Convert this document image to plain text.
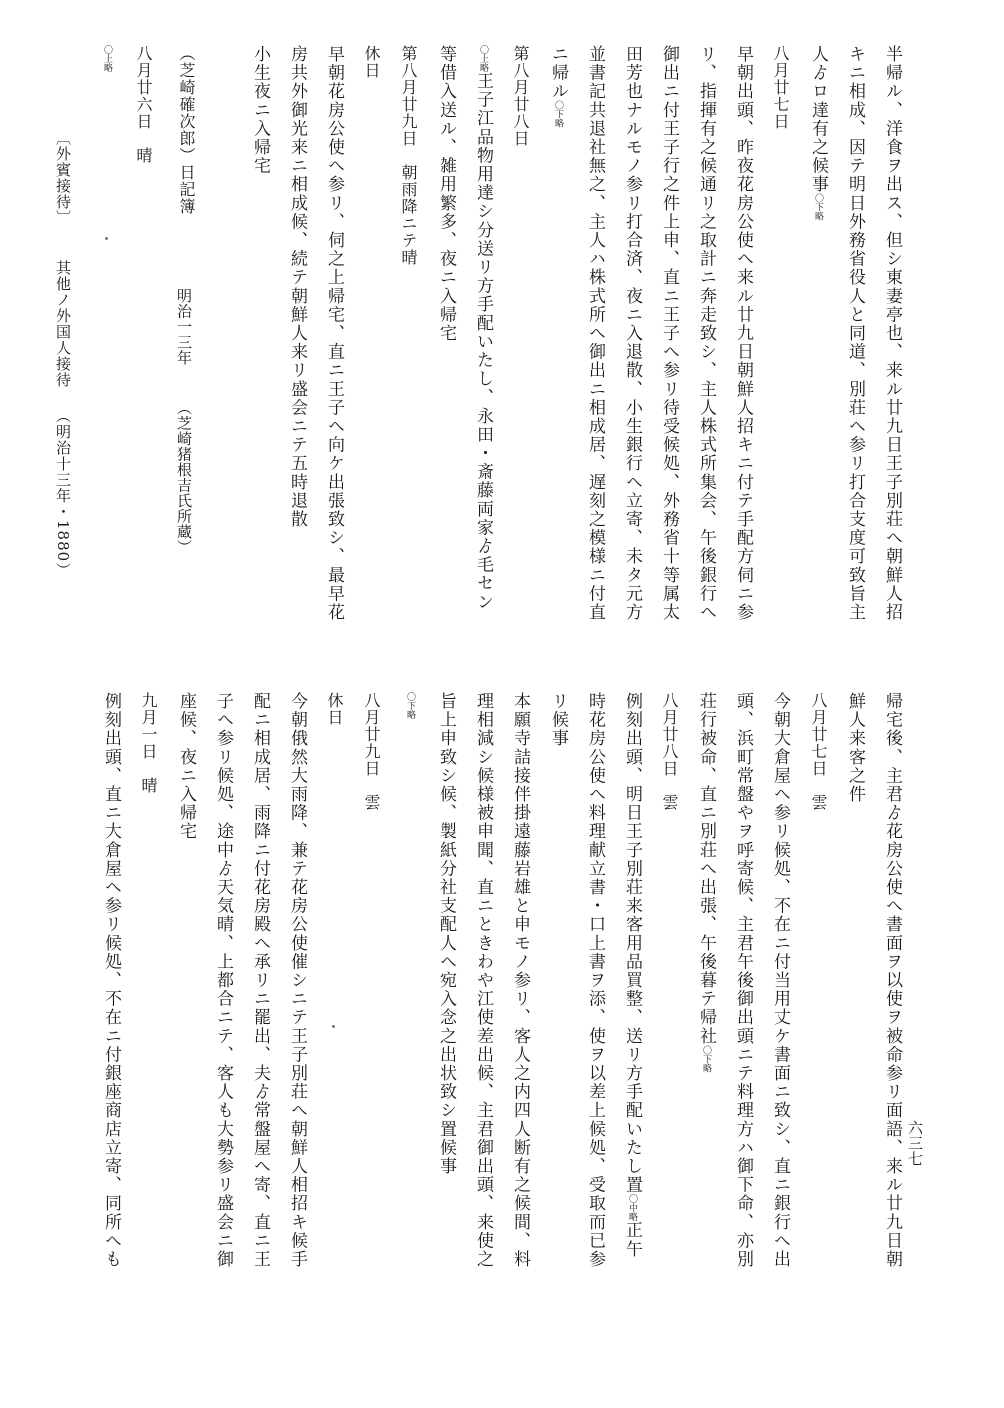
半帰ル、洋食ヲ出ス、但シ東妻亭也、来ル廿九日王子別荘へ朝鮮人招
キニ相成、因テ明日外務省役人と同道、別荘へ参リ打合支度可致旨主
人ゟロ達有之候事〇下略
八月廿七日
早朝出頭、昨夜花房公使へ来ル廿九日朝鮮人招キニ付テ手配方伺ニ参
リ、指揮有之候通リ之取計ニ奔走致シ、主人株式所集会、午後銀行へ
御出ニ付王子行之件上申、直ニ王子へ参リ待受候処、外務省十等属太
田芳也ナルモノ参リ打合済、夜ニ入退散、小生銀行へ立寄、未タ元方
並書記共退社無之、主人ハ株式所へ御出ニ相成居、遅刻之模様ニ付直
ニ帰ル〇下略
第八月廿八日
〇上略王子江品物用達シ分送リ方手配いたし、永田・斎藤両家ゟ毛セン
等借入送ル、雑用繁多、夜ニ入帰宅
第八月廿九日　朝雨降ニテ晴
休日
早朝花房公使へ参リ、伺之上帰宅、直ニ王子へ向ケ出張致シ、最早花
房共外御光来ニ相成候、続テ朝鮮人来リ盛会ニテ五時退散
小生夜ニ入帰宅
（芝崎確次郎）日記簿
明治一三年
（芝崎猪根吉氏所蔵）
八月廿六日　晴
〇上略
〔外賓接待〕
其他ノ外国人接待
（明治十三年・1880）
帰宅後、主君ゟ花房公使へ書面ヲ以使ヲ被命参リ面語、来ル廿九日朝
鮮人来客之件
八月廿七日　雲
今朝大倉屋へ参リ候処、不在ニ付当用丈ケ書面ニ致シ、直ニ銀行へ出
頭、浜町常盤やヲ呼寄候、主君午後御出頭ニテ料理方ハ御下命、亦別
荘行被命、直ニ別荘へ出張、午後暮テ帰社〇下略
八月廿八日　雲
例刻出頭、明日王子別荘来客用品買整、送リ方手配いたし置〇中略正午
時花房公使へ料理献立書・口上書ヲ添、使ヲ以差上候処、受取而已参
リ候事
本願寺詰接伴掛遠藤岩雄と申モノ参リ、客人之内四人断有之候間、料
理相減シ候様被申聞、直ニときわや江使差出候、主君御出頭、来使之
旨上申致シ候、製紙分社支配人へ宛入念之出状致シ置候事
〇下略
八月廿九日　雲
休日
今朝俄然大雨降、兼テ花房公使催シニテ王子別荘へ朝鮮人相招キ候手
配ニ相成居、雨降ニ付花房殿へ承リニ罷出、夫ゟ常盤屋へ寄、直ニ王
子へ参リ候処、途中ゟ天気晴、上都合ニテ、客人も大勢参リ盛会ニ御
座候、夜ニ入帰宅
九月一日　晴
例刻出頭、直ニ大倉屋へ参リ候処、不在ニ付銀座商店立寄、同所へも	六三七
